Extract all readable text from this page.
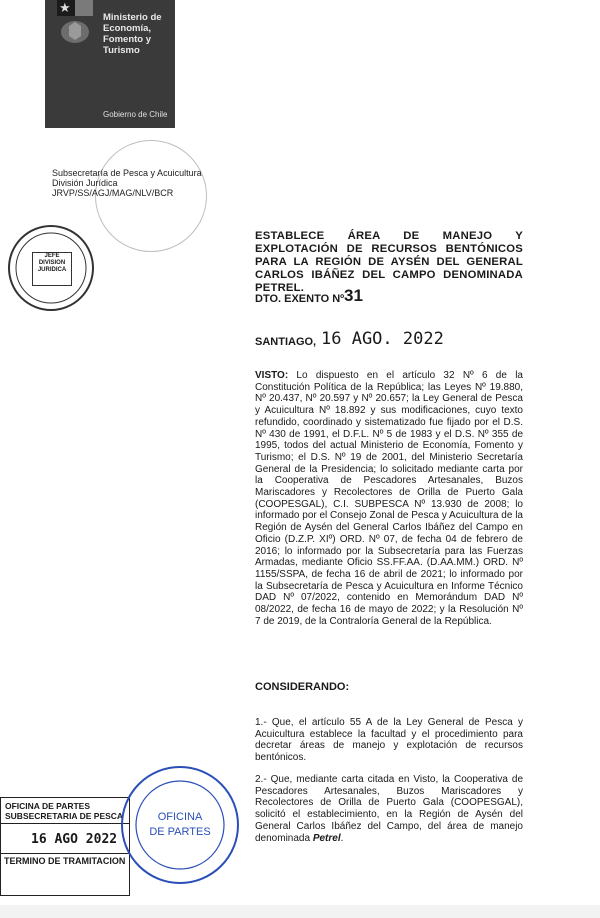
★
Ministerio de
Economía,
Fomento y
Turismo
Gobierno de Chile
Subsecretaría de Pesca y Acuicultura
División Jurídica
JRVP/SS/AGJ/MAG/NLV/BCR
JEFE
DIVISION
JURIDICA
ESTABLECE ÁREA DE MANEJO Y EXPLOTACIÓN DE RECURSOS BENTÓNICOS PARA LA REGIÓN DE AYSÉN DEL GENERAL CARLOS IBÁÑEZ DEL CAMPO DENOMINADA PETREL.
DTO. EXENTO Nº 31
SANTIAGO, 16 AGO. 2022
VISTO: Lo dispuesto en el artículo 32 Nº 6 de la Constitución Política de la República; las Leyes Nº 19.880, Nº 20.437, Nº 20.597 y Nº 20.657; la Ley General de Pesca y Acuicultura Nº 18.892 y sus modificaciones, cuyo texto refundido, coordinado y sistematizado fue fijado por el D.S. Nº 430 de 1991, el D.F.L. Nº 5 de 1983 y el D.S. Nº 355 de 1995, todos del actual Ministerio de Economía, Fomento y Turismo; el D.S. Nº 19 de 2001, del Ministerio Secretaría General de la Presidencia; lo solicitado mediante carta por la Cooperativa de Pescadores Artesanales, Buzos Mariscadores y Recolectores de Orilla de Puerto Gala (COOPESGAL), C.I. SUBPESCA Nº 13.930 de 2008; lo informado por el Consejo Zonal de Pesca y Acuicultura de la Región de Aysén del General Carlos Ibáñez del Campo en Oficio (D.Z.P. XIº) ORD. Nº 07, de fecha 04 de febrero de 2016; lo informado por la Subsecretaría para las Fuerzas Armadas, mediante Oficio SS.FF.AA. (D.AA.MM.) ORD. Nº 1155/SSPA, de fecha 16 de abril de 2021; lo informado por la Subsecretaría de Pesca y Acuicultura en Informe Técnico DAD Nº 07/2022, contenido en Memorándum DAD Nº 08/2022, de fecha 16 de mayo de 2022; y la Resolución Nº 7 de 2019, de la Contraloría General de la República.
CONSIDERANDO:
1.- Que, el artículo 55 A de la Ley General de Pesca y Acuicultura establece la facultad y el procedimiento para decretar áreas de manejo y explotación de recursos bentónicos.
2.- Que, mediante carta citada en Visto, la Cooperativa de Pescadores Artesanales, Buzos Mariscadores y Recolectores de Orilla de Puerto Gala (COOPESGAL), solicitó el establecimiento, en la Región de Aysén del General Carlos Ibáñez del Campo, del área de manejo denominada Petrel.
OFICINA DE PARTES
SUBSECRETARIA DE PESCA
16 AGO 2022
TERMINO DE TRAMITACION
OFICINA
DE PARTES
